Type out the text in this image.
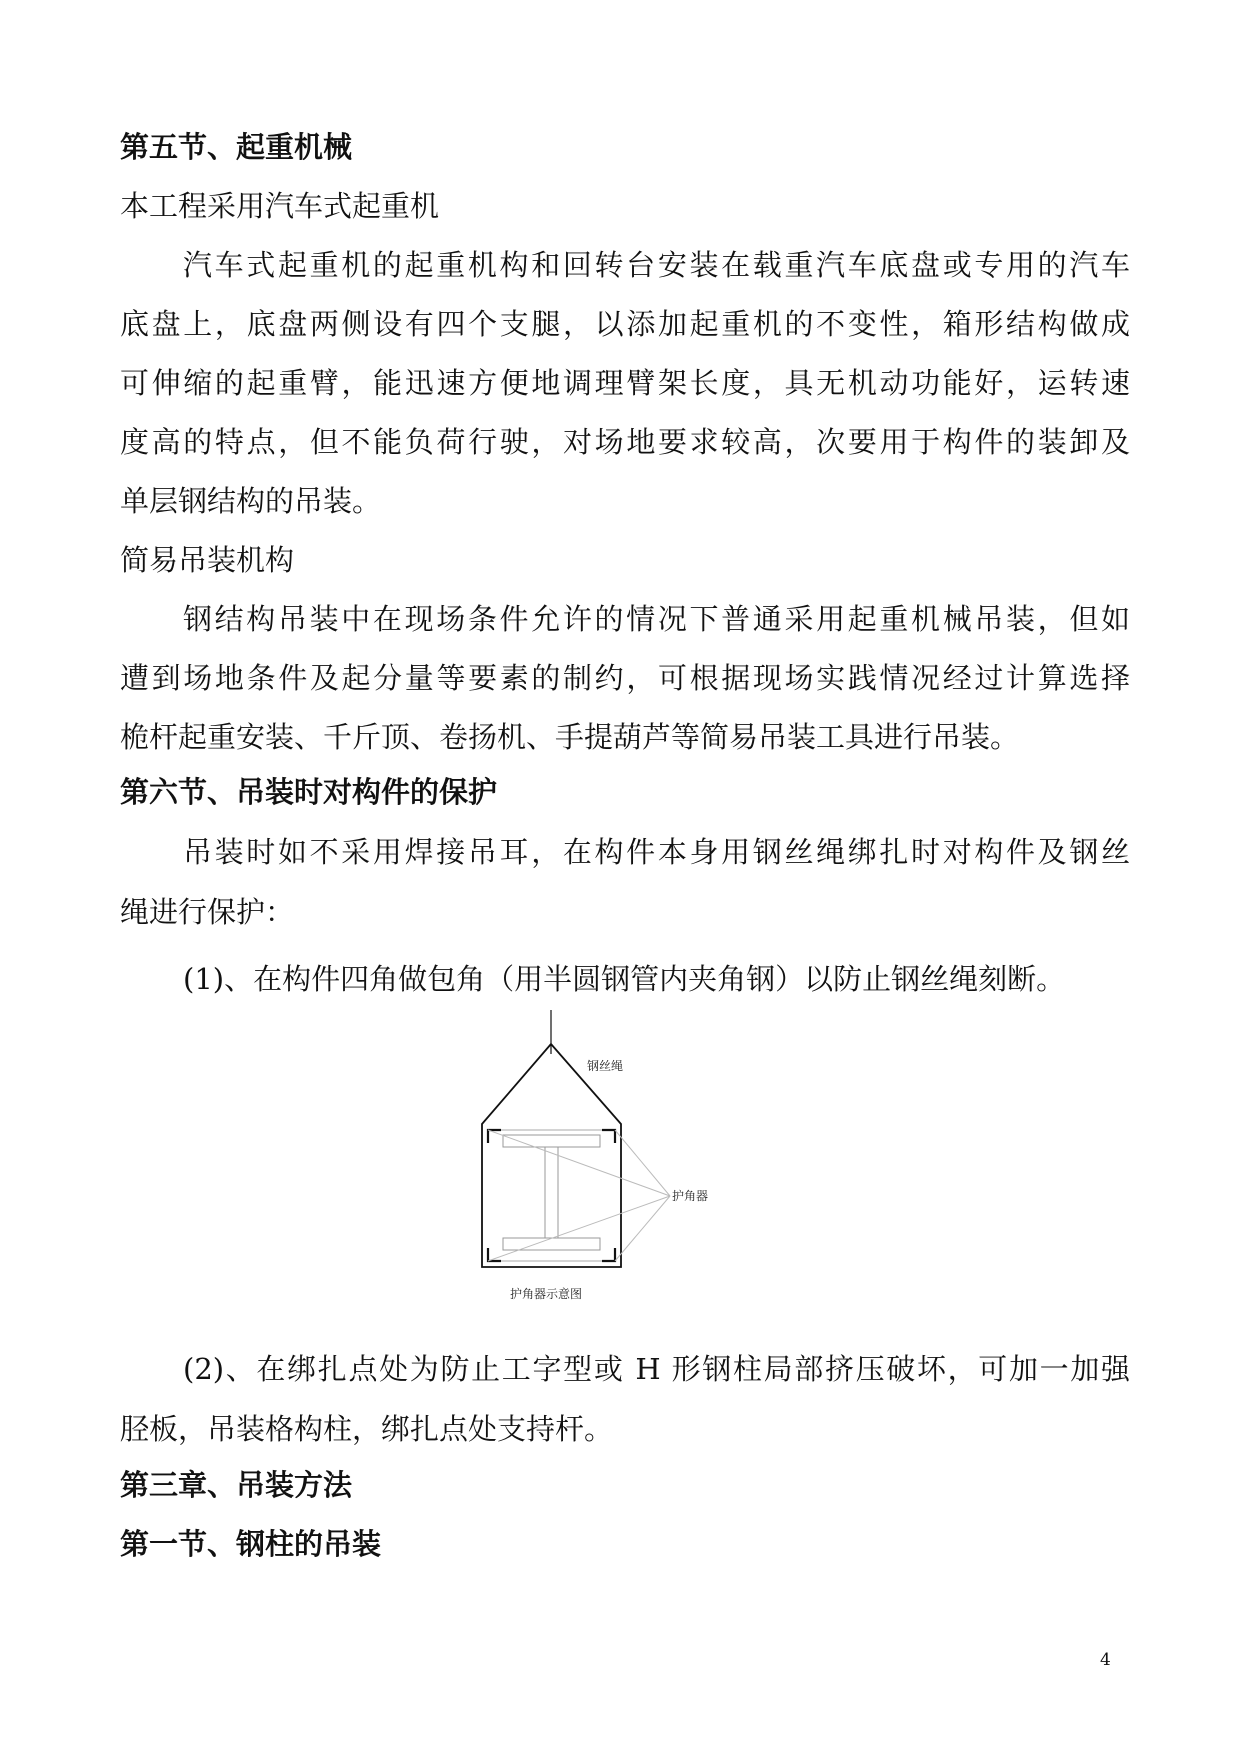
第五节、起重机械
本工程采用汽车式起重机
汽车式起重机的起重机构和回转台安装在载重汽车底盘或专用的汽车
底盘上，底盘两侧设有四个支腿，以添加起重机的不变性，箱形结构做成
可伸缩的起重臂，能迅速方便地调理臂架长度，具无机动功能好，运转速
度高的特点，但不能负荷行驶，对场地要求较高，次要用于构件的装卸及
单层钢结构的吊装。
简易吊装机构
钢结构吊装中在现场条件允许的情况下普通采用起重机械吊装，但如
遭到场地条件及起分量等要素的制约，可根据现场实践情况经过计算选择
桅杆起重安装、千斤顶、卷扬机、手提葫芦等简易吊装工具进行吊装。
第六节、吊装时对构件的保护
吊装时如不采用焊接吊耳，在构件本身用钢丝绳绑扎时对构件及钢丝
绳进行保护：
(1)、在构件四角做包角（用半圆钢管内夹角钢）以防止钢丝绳刻断。
钢丝绳
护角器
护角器示意图
(2)、在绑扎点处为防止工字型或 H 形钢柱局部挤压破坏，可加一加强
胫板，吊装格构柱，绑扎点处支持杆。
第三章、吊装方法
第一节、钢柱的吊装
4
